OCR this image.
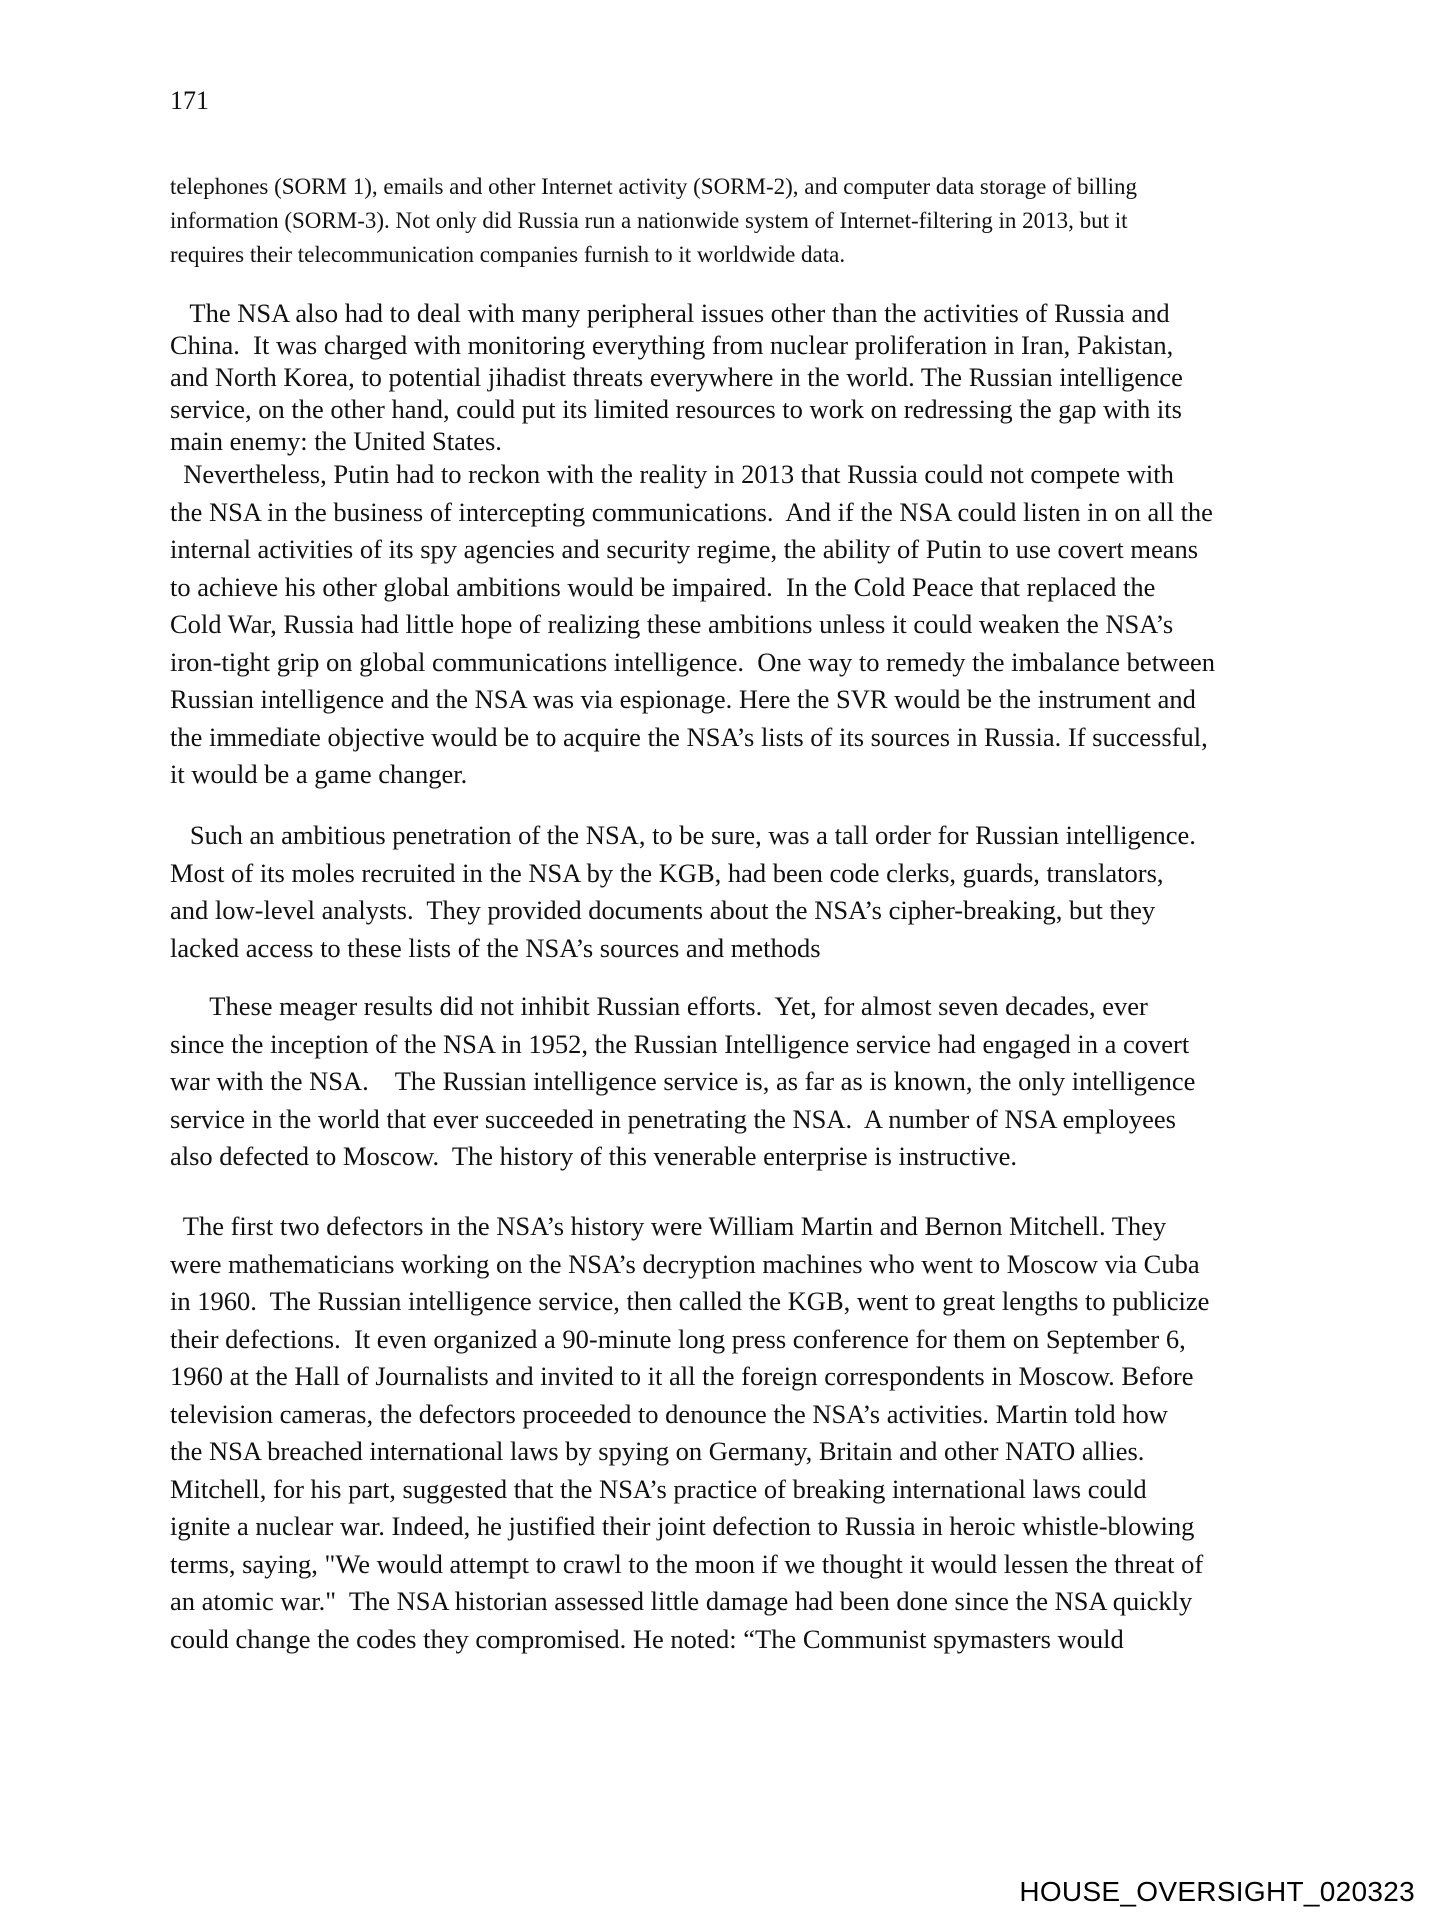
171
telephones (SORM 1), emails and other Internet activity (SORM-2), and computer data storage of billing
information (SORM-3). Not only did Russia run a nationwide system of Internet-filtering in 2013, but it
requires their telecommunication companies furnish to it worldwide data.
The NSA also had to deal with many peripheral issues other than the activities of Russia and
China.  It was charged with monitoring everything from nuclear proliferation in Iran, Pakistan,
and North Korea, to potential jihadist threats everywhere in the world. The Russian intelligence
service, on the other hand, could put its limited resources to work on redressing the gap with its
main enemy: the United States.
Nevertheless, Putin had to reckon with the reality in 2013 that Russia could not compete with
the NSA in the business of intercepting communications.  And if the NSA could listen in on all the
internal activities of its spy agencies and security regime, the ability of Putin to use covert means
to achieve his other global ambitions would be impaired.  In the Cold Peace that replaced the
Cold War, Russia had little hope of realizing these ambitions unless it could weaken the NSA’s
iron-tight grip on global communications intelligence.  One way to remedy the imbalance between
Russian intelligence and the NSA was via espionage. Here the SVR would be the instrument and
the immediate objective would be to acquire the NSA’s lists of its sources in Russia. If successful,
it would be a game changer.
Such an ambitious penetration of the NSA, to be sure, was a tall order for Russian intelligence.
Most of its moles recruited in the NSA by the KGB, had been code clerks, guards, translators,
and low-level analysts.  They provided documents about the NSA’s cipher-breaking, but they
lacked access to these lists of the NSA’s sources and methods
These meager results did not inhibit Russian efforts.  Yet, for almost seven decades, ever
since the inception of the NSA in 1952, the Russian Intelligence service had engaged in a covert
war with the NSA.    The Russian intelligence service is, as far as is known, the only intelligence
service in the world that ever succeeded in penetrating the NSA.  A number of NSA employees
also defected to Moscow.  The history of this venerable enterprise is instructive.
The first two defectors in the NSA’s history were William Martin and Bernon Mitchell. They
were mathematicians working on the NSA’s decryption machines who went to Moscow via Cuba
in 1960.  The Russian intelligence service, then called the KGB, went to great lengths to publicize
their defections.  It even organized a 90-minute long press conference for them on September 6,
1960 at the Hall of Journalists and invited to it all the foreign correspondents in Moscow. Before
television cameras, the defectors proceeded to denounce the NSA’s activities. Martin told how
the NSA breached international laws by spying on Germany, Britain and other NATO allies.
Mitchell, for his part, suggested that the NSA’s practice of breaking international laws could
ignite a nuclear war. Indeed, he justified their joint defection to Russia in heroic whistle-blowing
terms, saying, "We would attempt to crawl to the moon if we thought it would lessen the threat of
an atomic war."  The NSA historian assessed little damage had been done since the NSA quickly
could change the codes they compromised. He noted: “The Communist spymasters would
HOUSE_OVERSIGHT_020323
